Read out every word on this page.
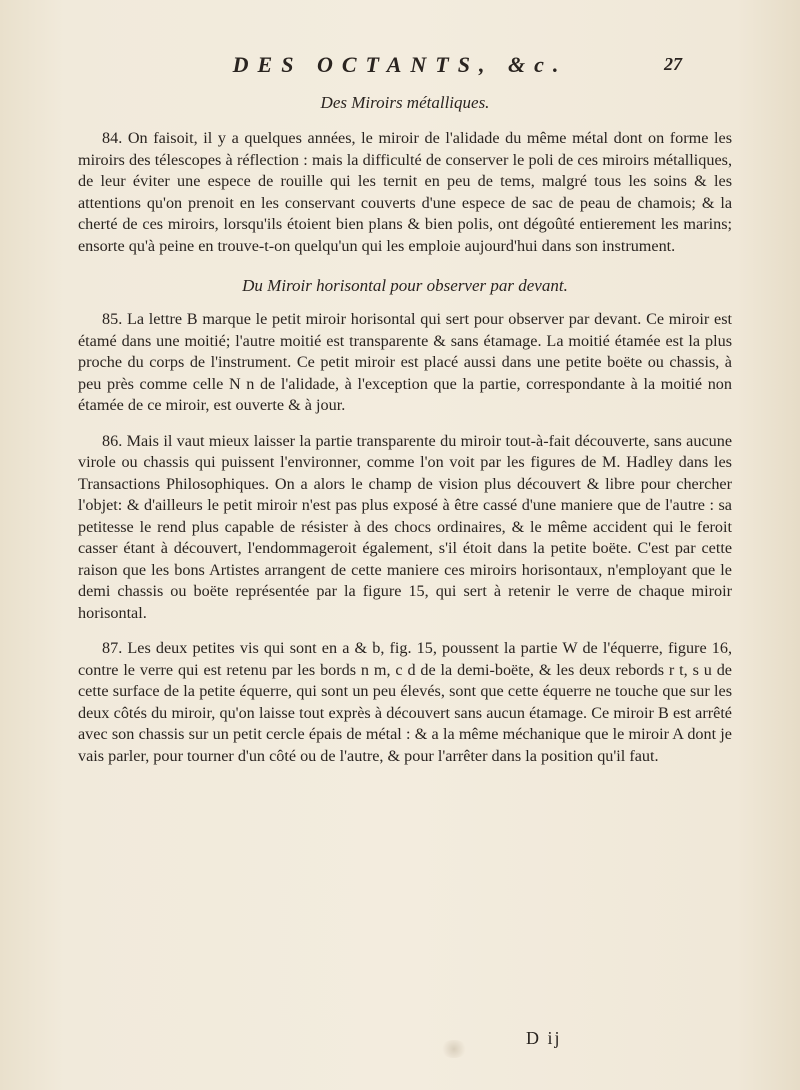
DES OCTANTS, &c.	27
Des Miroirs métalliques.

84. On faisoit, il y a quelques années, le miroir de l'alidade du même métal dont on forme les miroirs des télescopes à réflection : mais la difficulté de conserver le poli de ces miroirs métalliques, de leur éviter une espece de rouille qui les ternit en peu de tems, malgré tous les soins & les attentions qu'on prenoit en les conservant couverts d'une espece de sac de peau de chamois; & la cherté de ces miroirs, lorsqu'ils étoient bien plans & bien polis, ont dégoûté entierement les marins; ensorte qu'à peine en trouve-t-on quelqu'un qui les emploie aujourd'hui dans son instrument.

Du Miroir horisontal pour observer par devant.

85. La lettre B marque le petit miroir horisontal qui sert pour observer par devant. Ce miroir est étamé dans une moitié; l'autre moitié est transparente & sans étamage. La moitié étamée est la plus proche du corps de l'instrument. Ce petit miroir est placé aussi dans une petite boëte ou chassis, à peu près comme celle N n de l'alidade, à l'exception que la partie, correspondante à la moitié non étamée de ce miroir, est ouverte & à jour.

86. Mais il vaut mieux laisser la partie transparente du miroir tout-à-fait découverte, sans aucune virole ou chassis qui puissent l'environner, comme l'on voit par les figures de M. Hadley dans les Transactions Philosophiques. On a alors le champ de vision plus découvert & libre pour chercher l'objet: & d'ailleurs le petit miroir n'est pas plus exposé à être cassé d'une maniere que de l'autre : sa petitesse le rend plus capable de résister à des chocs ordinaires, & le même accident qui le feroit casser étant à découvert, l'endommageroit également, s'il étoit dans la petite boëte. C'est par cette raison que les bons Artistes arrangent de cette maniere ces miroirs horisontaux, n'employant que le demi chassis ou boëte représentée par la figure 15, qui sert à retenir le verre de chaque miroir horisontal.

87. Les deux petites vis qui sont en a & b, fig. 15, poussent la partie W de l'équerre, figure 16, contre le verre qui est retenu par les bords n m, c d de la demi-boëte, & les deux rebords r t, s u de cette surface de la petite équerre, qui sont un peu élevés, sont que cette équerre ne touche que sur les deux côtés du miroir, qu'on laisse tout exprès à découvert sans aucun étamage. Ce miroir B est arrêté avec son chassis sur un petit cercle épais de métal : & a la même méchanique que le miroir A dont je vais parler, pour tourner d'un côté ou de l'autre, & pour l'arrêter dans la position qu'il faut.

D ij
